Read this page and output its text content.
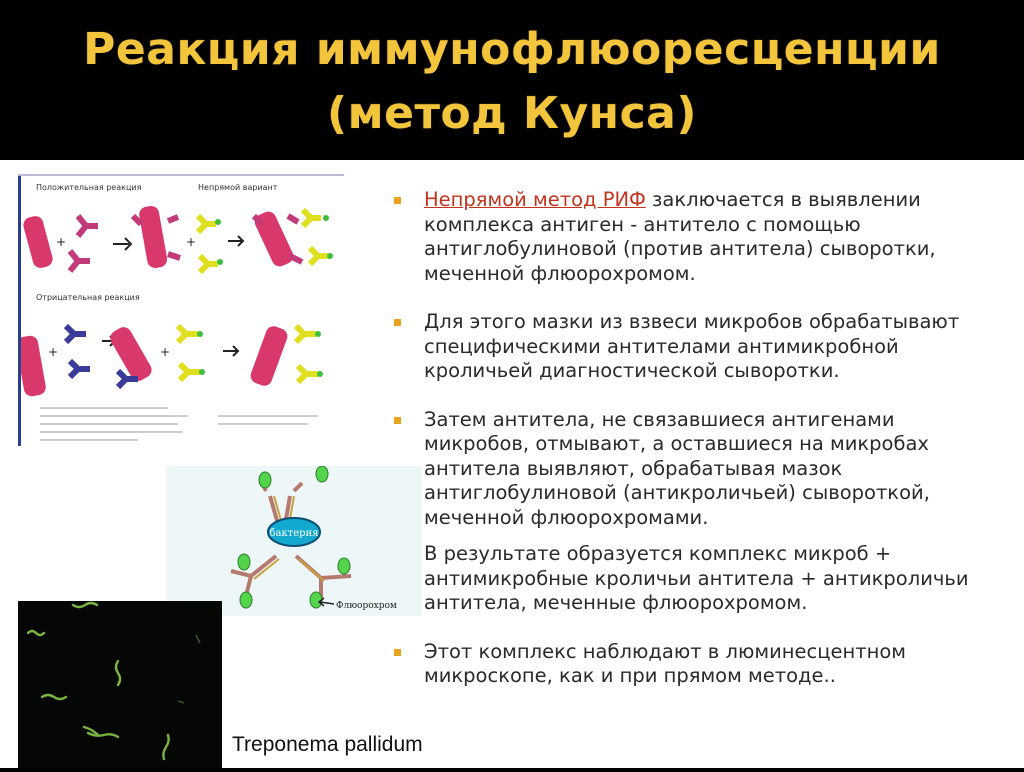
Реакция иммунофлюоресценции
(метод Кунса)
Положительная реакция	Непрямой вариант
Отрицательная реакция
+	+
+	+
бактерия
Флюорохром
Treponema pallidum
Непрямой метод РИФ заключается в выявлении комплекса антиген - антитело с помощью антиглобулиновой (против антитела) сыворотки, меченной флюорохромом.
Для этого мазки из взвеси микробов обрабатывают специфическими антителами антимикробной кроличьей диагностической сыворотки.
Затем антитела, не связавшиеся антигенами микробов, отмывают, а оставшиеся на микробах антитела выявляют, обрабатывая мазок антиглобулиновой (антикроличьей) сывороткой, меченной флюорохромами.
В результате образуется комплекс микроб + антимикробные кроличьи антитела + антикроличьи антитела, меченные флюорохромом.
Этот комплекс наблюдают в люминесцентном микроскопе, как и при прямом методе..
